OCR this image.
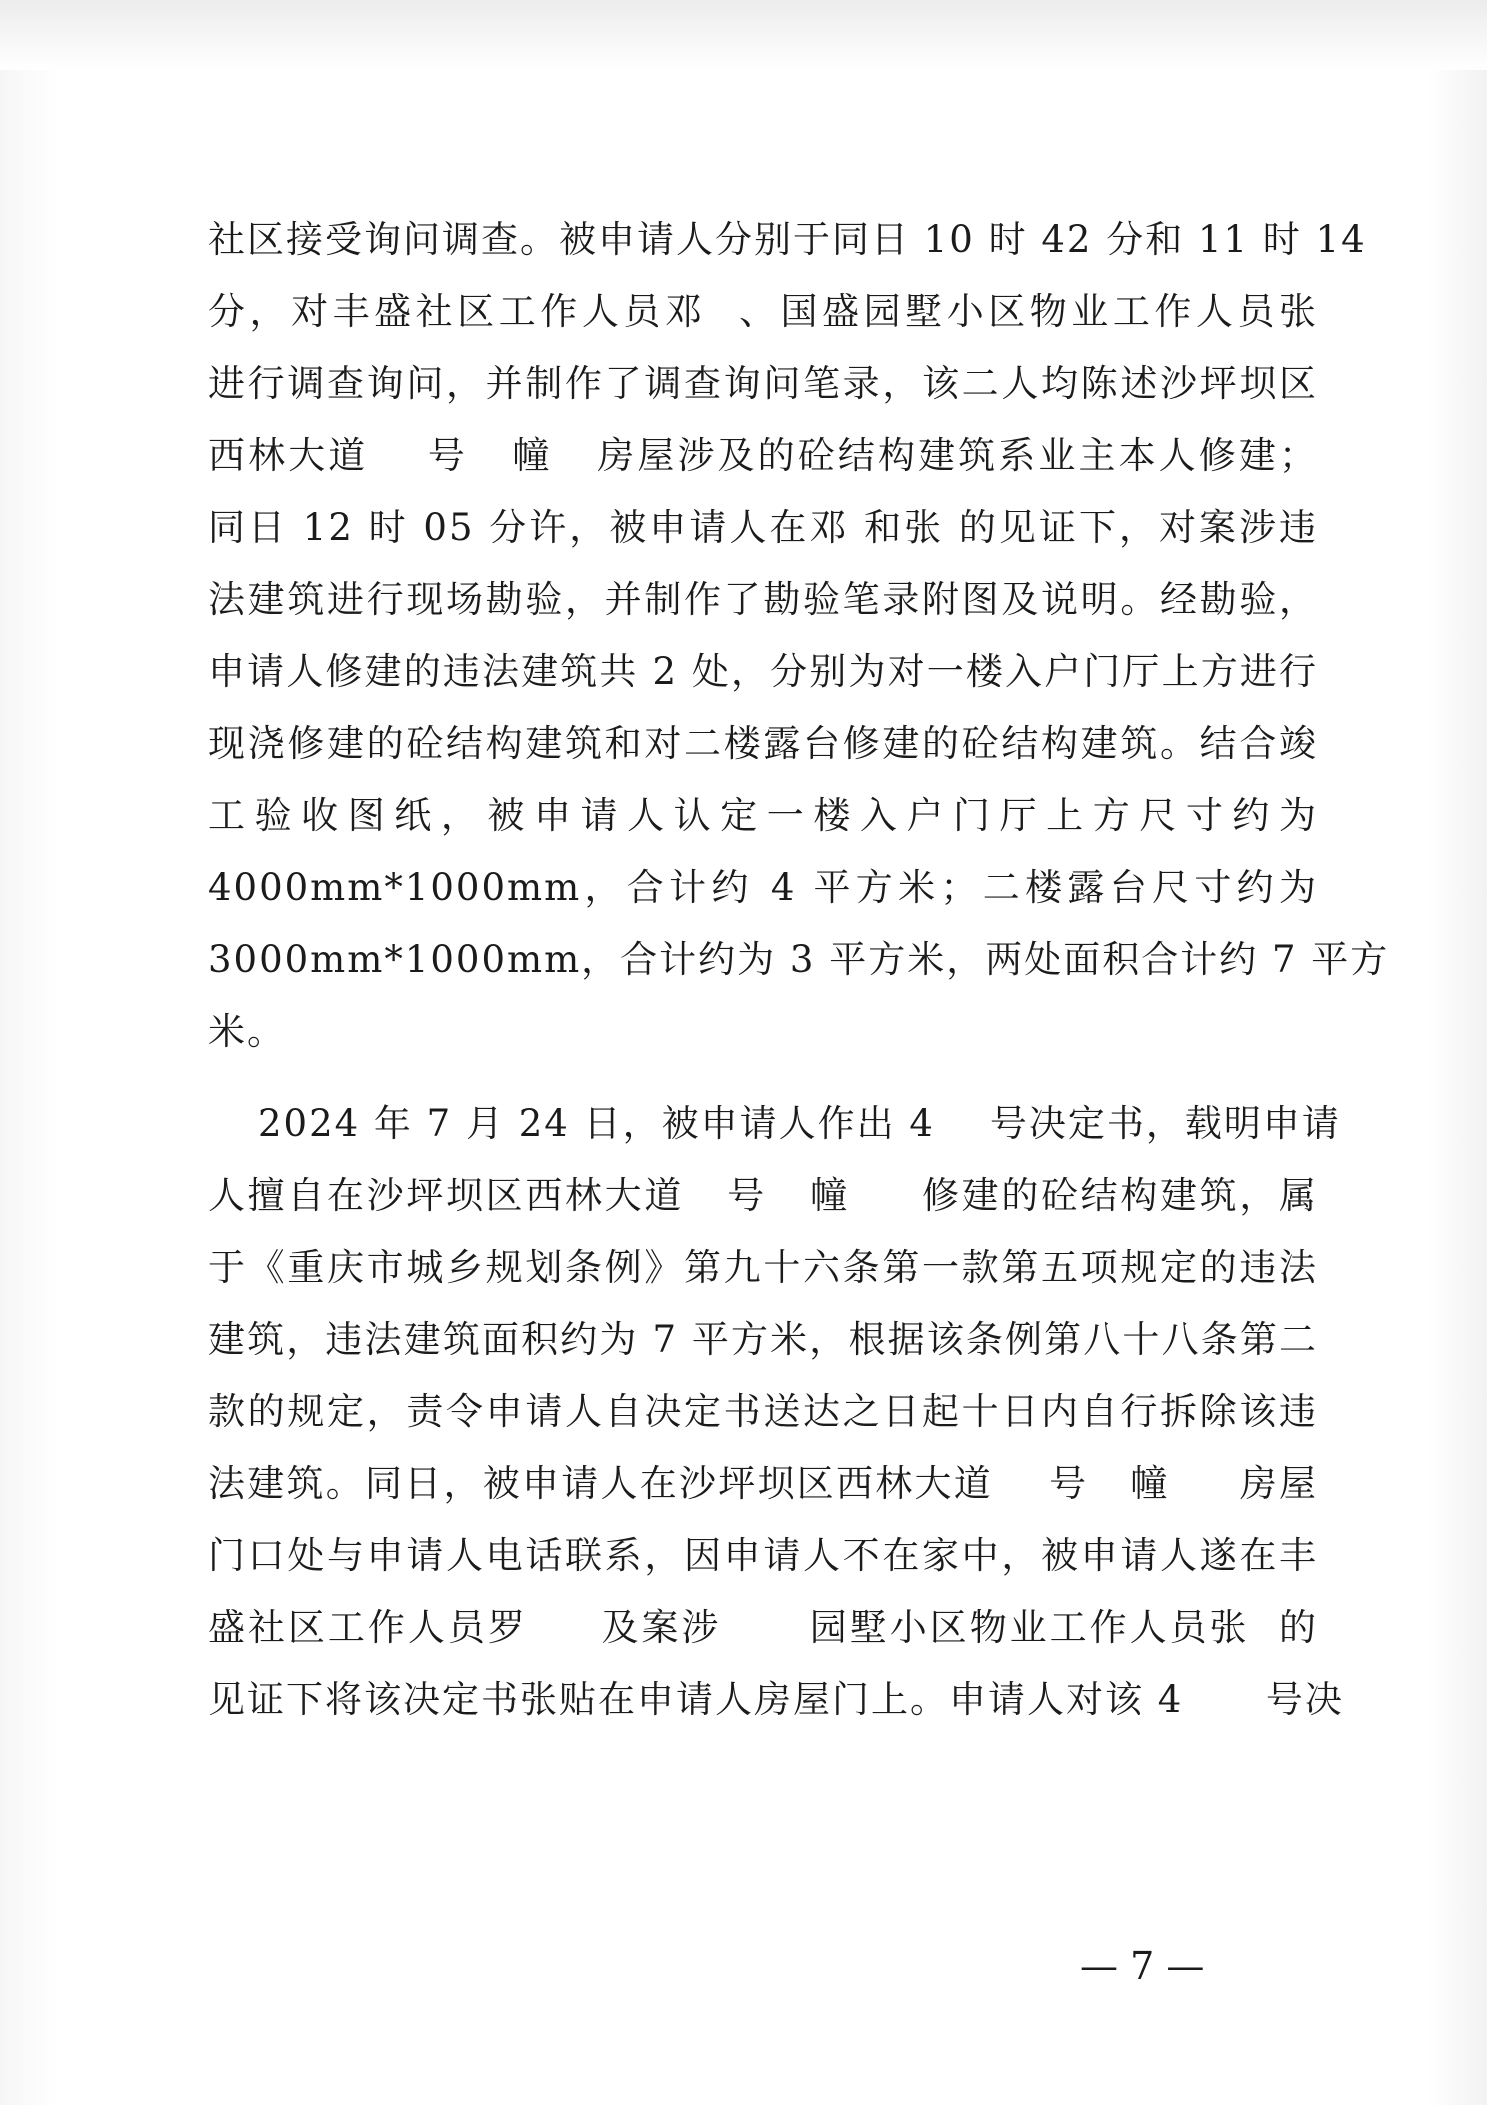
社区接受询问调查。被申请人分别于同日 10 时 42 分和 11 时 14
分，对丰盛社区工作人员邓  、国盛园墅小区物业工作人员张
进行调查询问，并制作了调查询问笔录，该二人均陈述沙坪坝区
西林大道    号   幢   房屋涉及的砼结构建筑系业主本人修建；
同日 12 时 05 分许，被申请人在邓 和张 的见证下，对案涉违
法建筑进行现场勘验，并制作了勘验笔录附图及说明。经勘验，
申请人修建的违法建筑共 2 处，分别为对一楼入户门厅上方进行
现浇修建的砼结构建筑和对二楼露台修建的砼结构建筑。结合竣
工验收图纸，被申请人认定一楼入户门厅上方尺寸约为
4000mm*1000mm，合计约 4 平方米；二楼露台尺寸约为
3000mm*1000mm，合计约为 3 平方米，两处面积合计约 7 平方
米。
2024 年 7 月 24 日，被申请人作出 4    号决定书，载明申请
人擅自在沙坪坝区西林大道   号   幢     修建的砼结构建筑，属
于《重庆市城乡规划条例》第九十六条第一款第五项规定的违法
建筑，违法建筑面积约为 7 平方米，根据该条例第八十八条第二
款的规定，责令申请人自决定书送达之日起十日内自行拆除该违
法建筑。同日，被申请人在沙坪坝区西林大道    号   幢     房屋
门口处与申请人电话联系，因申请人不在家中，被申请人遂在丰
盛社区工作人员罗     及案涉      园墅小区物业工作人员张  的
见证下将该决定书张贴在申请人房屋门上。申请人对该 4      号决
— 7 —
